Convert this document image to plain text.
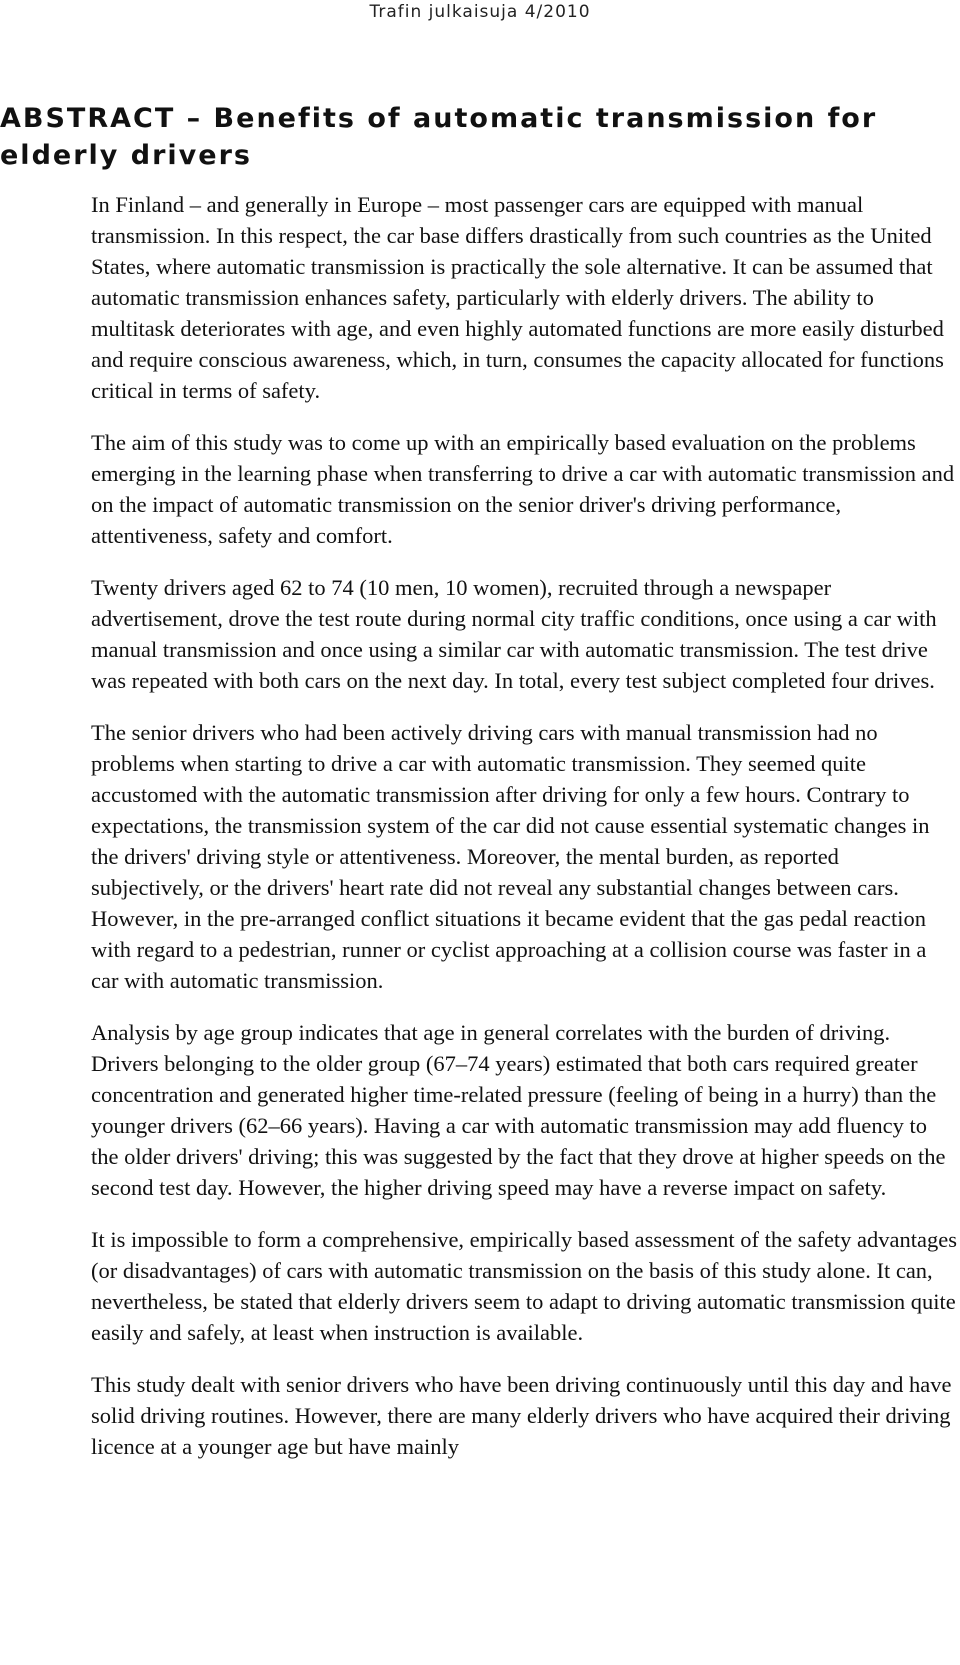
Trafin julkaisuja 4/2010
ABSTRACT – Benefits of automatic transmission for elderly drivers

In Finland – and generally in Europe – most passenger cars are equipped with manual transmission. In this respect, the car base differs drastically from such countries as the United States, where automatic transmission is practically the sole alternative. It can be assumed that automatic transmission enhances safety, particularly with elderly drivers. The ability to multitask deteriorates with age, and even highly automated functions are more easily disturbed and require conscious awareness, which, in turn, consumes the capacity allocated for functions critical in terms of safety.

The aim of this study was to come up with an empirically based evaluation on the problems emerging in the learning phase when transferring to drive a car with automatic transmission and on the impact of automatic transmission on the senior driver's driving performance, attentiveness, safety and comfort.

Twenty drivers aged 62 to 74 (10 men, 10 women), recruited through a newspaper advertisement, drove the test route during normal city traffic conditions, once using a car with manual transmission and once using a similar car with automatic transmission. The test drive was repeated with both cars on the next day. In total, every test subject completed four drives.

The senior drivers who had been actively driving cars with manual transmission had no problems when starting to drive a car with automatic transmission. They seemed quite accustomed with the automatic transmission after driving for only a few hours. Contrary to expectations, the transmission system of the car did not cause essential systematic changes in the drivers' driving style or attentiveness. Moreover, the mental burden, as reported subjectively, or the drivers' heart rate did not reveal any substantial changes between cars. However, in the pre-arranged conflict situations it became evident that the gas pedal reaction with regard to a pedestrian, runner or cyclist approaching at a collision course was faster in a car with automatic transmission.

Analysis by age group indicates that age in general correlates with the burden of driving. Drivers belonging to the older group (67–74 years) estimated that both cars required greater concentration and generated higher time-related pressure (feeling of being in a hurry) than the younger drivers (62–66 years). Having a car with automatic transmission may add fluency to the older drivers' driving; this was suggested by the fact that they drove at higher speeds on the second test day. However, the higher driving speed may have a reverse impact on safety.

It is impossible to form a comprehensive, empirically based assessment of the safety advantages (or disadvantages) of cars with automatic transmission on the basis of this study alone. It can, nevertheless, be stated that elderly drivers seem to adapt to driving automatic transmission quite easily and safely, at least when instruction is available.

This study dealt with senior drivers who have been driving continuously until this day and have solid driving routines. However, there are many elderly drivers who have acquired their driving licence at a younger age but have mainly
